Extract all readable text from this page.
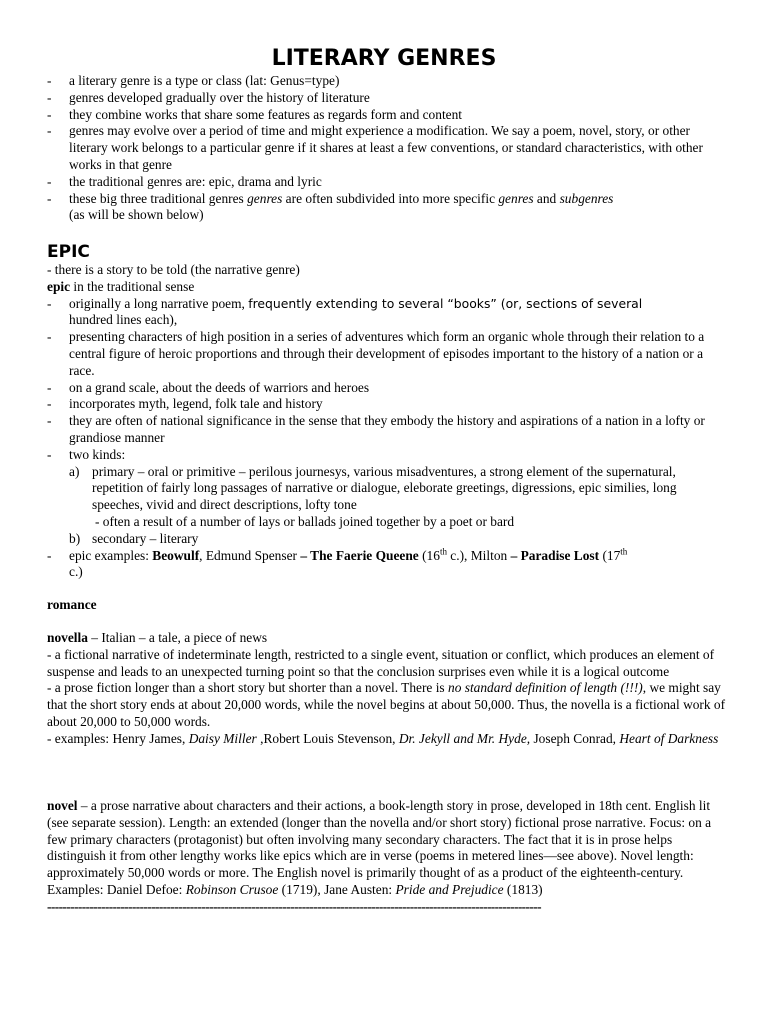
LITERARY GENRES
- a literary genre is a type or class (lat: Genus=type)
- genres developed gradually over the history of literature
- they combine works that share some features as regards form and content
- genres may evolve over a period of time and might experience a modification. We say a poem, novel, story, or other literary work belongs to a particular genre if it shares at least a few conventions, or standard characteristics, with other works in that genre
- the traditional genres are: epic, drama and lyric
- these big three traditional genres genres are often subdivided into more specific genres and subgenres
(as will be shown below)
EPIC
- there is a story to be told (the narrative genre)
epic in the traditional sense
- originally a long narrative poem, frequently extending to several “books” (or, sections of several
hundred lines each),
- presenting characters of high position in a series of adventures which form an organic whole through their relation to a central figure of heroic proportions and through their development of episodes important to the history of a nation or a race.
- on a grand scale, about the deeds of warriors and heroes
- incorporates myth, legend, folk tale and history
- they are often of national significance in the sense that they embody the history and aspirations of a nation in a lofty or grandiose manner
- two kinds:
a) primary – oral or primitive – perilous journesys, various misadventures, a strong element of the supernatural, repetition of fairly long passages of narrative or dialogue, eleborate greetings, digressions, epic similies, long speeches, vivid and direct descriptions, lofty tone
- often a result of a number of lays or ballads joined together by a poet or bard
b) secondary – literary
- epic examples: Beowulf, Edmund Spenser – The Faerie Queene (16th c.), Milton – Paradise Lost (17th
c.)
romance
novella – Italian – a tale, a piece of news
- a fictional narrative of indeterminate length, restricted to a single event, situation or conflict, which produces an element of suspense and leads to an unexpected turning point so that the conclusion surprises even while it is a logical outcome
- a prose fiction longer than a short story but shorter than a novel. There is no standard definition of length (!!!), we might say that the short story ends at about 20,000 words, while the novel begins at about 50,000. Thus, the novella is a fictional work of about 20,000 to 50,000 words.
- examples: Henry James, Daisy Miller ,Robert Louis Stevenson, Dr. Jekyll and Mr. Hyde, Joseph Conrad, Heart of Darkness
novel – a prose narrative about characters and their actions, a book-length story in prose, developed in 18th cent. English lit (see separate session). Length: an extended (longer than the novella and/or short story) fictional prose narrative. Focus: on a few primary characters (protagonist) but often involving many secondary characters. The fact that it is in prose helps distinguish it from other lengthy works like epics which are in verse (poems in metered lines—see above). Novel length: approximately 50,000 words or more. The English novel is primarily thought of as a product of the eighteenth-century. Examples: Daniel Defoe: Robinson Crusoe (1719), Jane Austen: Pride and Prejudice (1813)
--------------------------------------------------------------------------------------------------------------------------------
